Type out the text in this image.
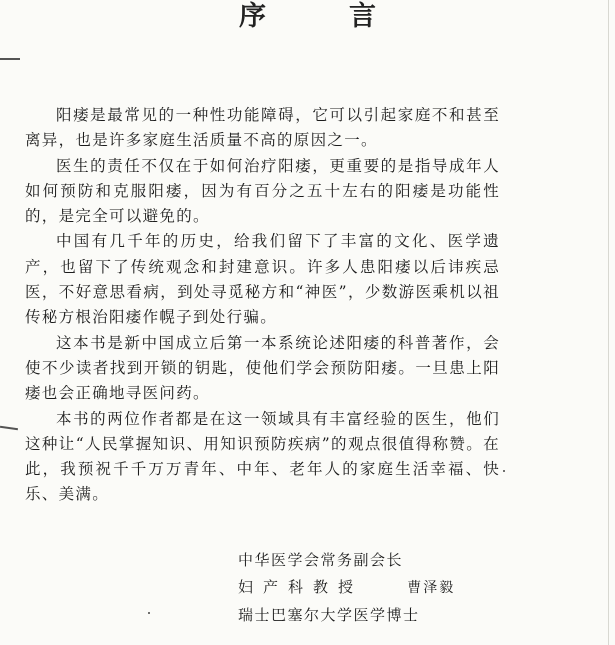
序　言

阳痿是最常见的一种性功能障碍，它可以引起家庭不和甚至离异，也是许多家庭生活质量不高的原因之一。

医生的责任不仅在于如何治疗阳痿，更重要的是指导成年人如何预防和克服阳痿，因为有百分之五十左右的阳痿是功能性的，是完全可以避免的。

中国有几千年的历史，给我们留下了丰富的文化、医学遗产，也留下了传统观念和封建意识。许多人患阳痿以后讳疾忌医，不好意思看病，到处寻觅秘方和“神医”，少数游医乘机以祖传秘方根治阳痿作幌子到处行骗。

这本书是新中国成立后第一本系统论述阳痿的科普著作，会使不少读者找到开锁的钥匙，使他们学会预防阳痿。一旦患上阳痿也会正确地寻医问药。

本书的两位作者都是在这一领域具有丰富经验的医生，他们这种让“人民掌握知识、用知识预防疾病”的观点很值得称赞。在此，我预祝千千万万青年、中年、老年人的家庭生活幸福、快乐、美满。

中华医学会常务副会长
妇产科教授	曹泽毅
瑞士巴塞尔大学医学博士
